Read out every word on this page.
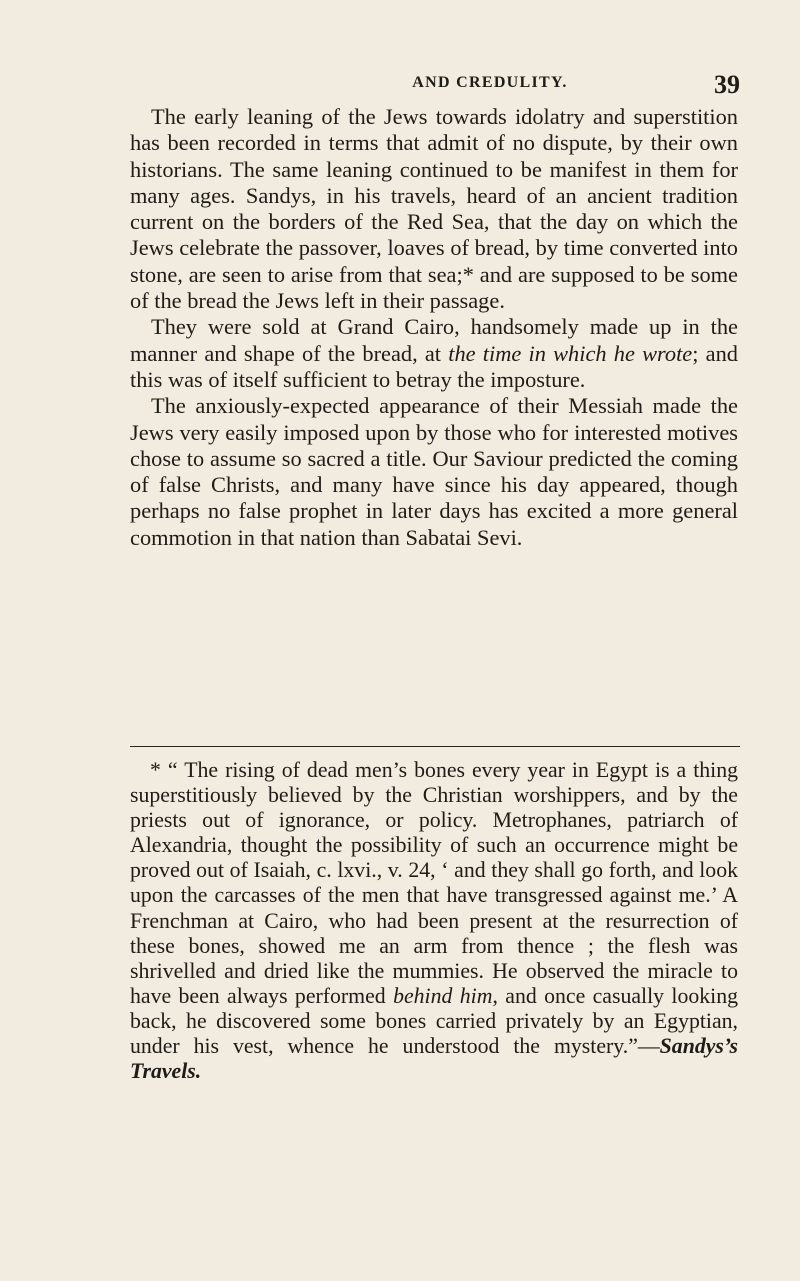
AND CREDULITY.	39

The early leaning of the Jews towards idolatry and superstition has been recorded in terms that admit of no dispute, by their own historians. The same leaning continued to be manifest in them for many ages. Sandys, in his travels, heard of an ancient tradition current on the borders of the Red Sea, that the day on which the Jews celebrate the passover, loaves of bread, by time converted into stone, are seen to arise from that sea;* and are supposed to be some of the bread the Jews left in their passage.

They were sold at Grand Cairo, handsomely made up in the manner and shape of the bread, at the time in which he wrote; and this was of itself sufficient to betray the imposture.

The anxiously-expected appearance of their Messiah made the Jews very easily imposed upon by those who for interested motives chose to assume so sacred a title. Our Saviour predicted the coming of false Christs, and many have since his day appeared, though perhaps no false prophet in later days has excited a more general commotion in that nation than Sabatai Sevi.

* “ The rising of dead men’s bones every year in Egypt is a thing superstitiously believed by the Christian worshippers, and by the priests out of ignorance, or policy. Metrophanes, patriarch of Alexandria, thought the possibility of such an occurrence might be proved out of Isaiah, c. lxvi., v. 24, ‘ and they shall go forth, and look upon the carcasses of the men that have transgressed against me.’ A Frenchman at Cairo, who had been present at the resurrection of these bones, showed me an arm from thence ; the flesh was shrivelled and dried like the mummies. He observed the miracle to have been always performed behind him, and once casually looking back, he discovered some bones carried privately by an Egyptian, under his vest, whence he understood the mystery.”—Sandys’s Travels.
